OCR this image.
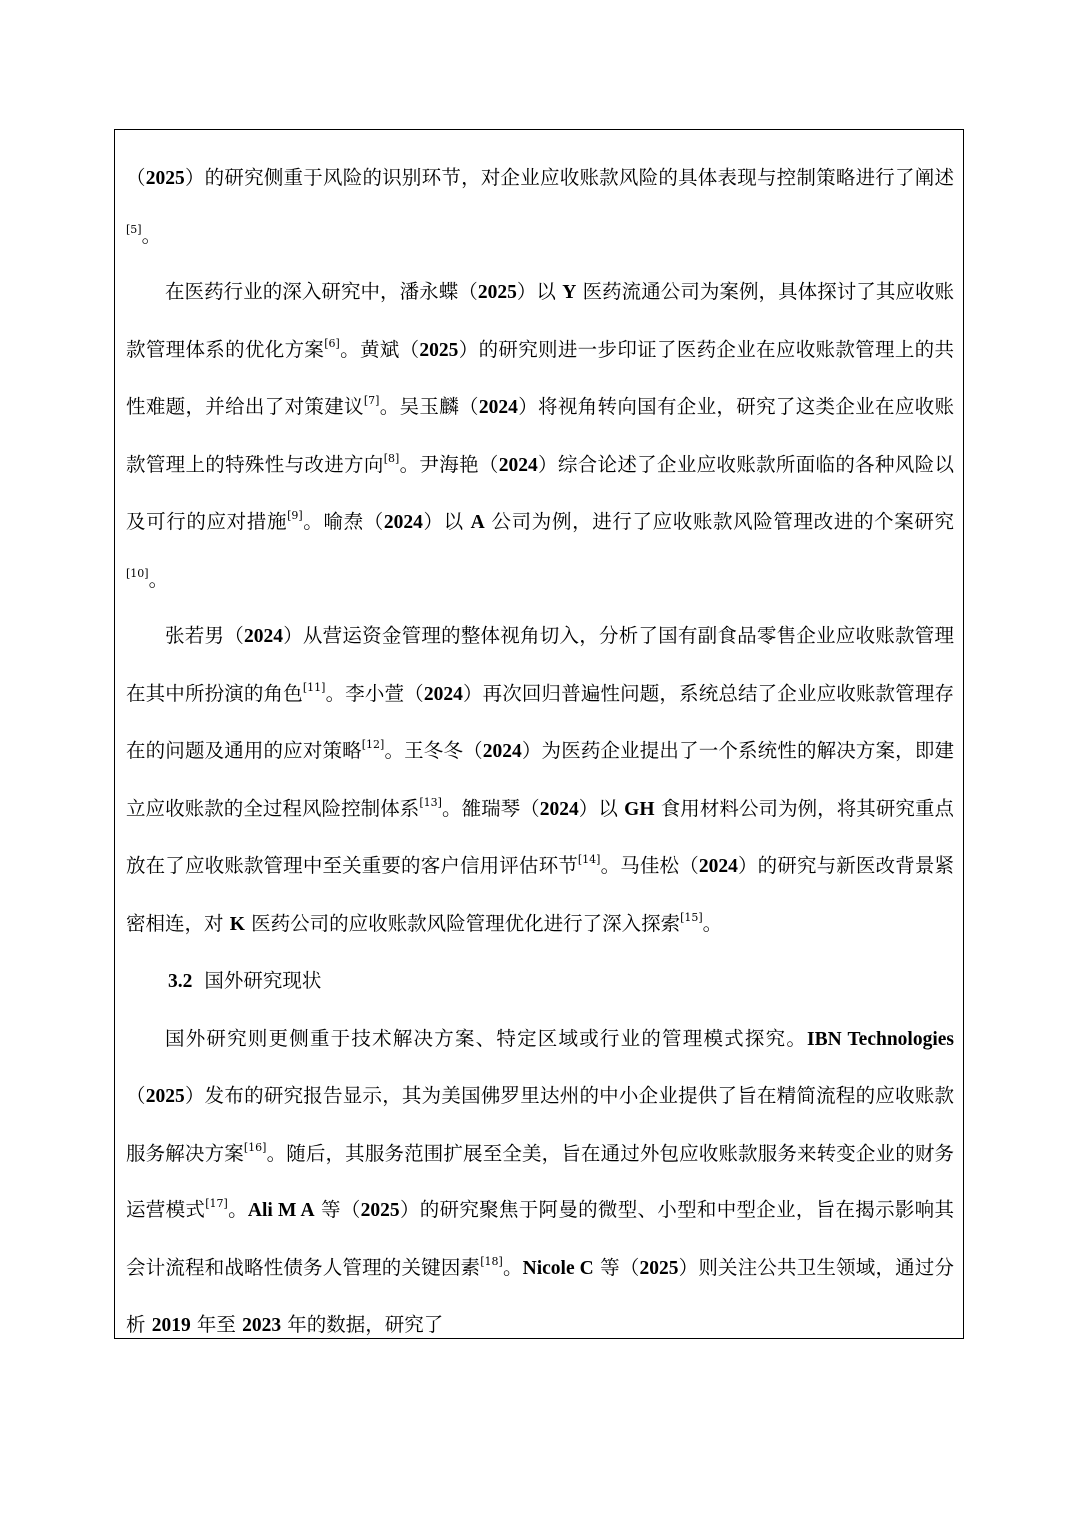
（2025）的研究侧重于风险的识别环节，对企业应收账款风险的具体表现与控制策略进行了阐述[5]。

在医药行业的深入研究中，潘永蝶（2025）以 Y 医药流通公司为案例，具体探讨了其应收账款管理体系的优化方案[6]。黄斌（2025）的研究则进一步印证了医药企业在应收账款管理上的共性难题，并给出了对策建议[7]。吴玉麟（2024）将视角转向国有企业，研究了这类企业在应收账款管理上的特殊性与改进方向[8]。尹海艳（2024）综合论述了企业应收账款所面临的各种风险以及可行的应对措施[9]。喻焘（2024）以 A 公司为例，进行了应收账款风险管理改进的个案研究[10]。

张若男（2024）从营运资金管理的整体视角切入，分析了国有副食品零售企业应收账款管理在其中所扮演的角色[11]。李小萱（2024）再次回归普遍性问题，系统总结了企业应收账款管理存在的问题及通用的应对策略[12]。王冬冬（2024）为医药企业提出了一个系统性的解决方案，即建立应收账款的全过程风险控制体系[13]。雒瑞琴（2024）以 GH 食用材料公司为例，将其研究重点放在了应收账款管理中至关重要的客户信用评估环节[14]。马佳松（2024）的研究与新医改背景紧密相连，对 K 医药公司的应收账款风险管理优化进行了深入探索[15]。

3.2 国外研究现状

国外研究则更侧重于技术解决方案、特定区域或行业的管理模式探究。IBN Technologies（2025）发布的研究报告显示，其为美国佛罗里达州的中小企业提供了旨在精简流程的应收账款服务解决方案[16]。随后，其服务范围扩展至全美，旨在通过外包应收账款服务来转变企业的财务运营模式[17]。Ali M A 等（2025）的研究聚焦于阿曼的微型、小型和中型企业，旨在揭示影响其会计流程和战略性债务人管理的关键因素[18]。Nicole C 等（2025）则关注公共卫生领域，通过分析 2019 年至 2023 年的数据，研究了
